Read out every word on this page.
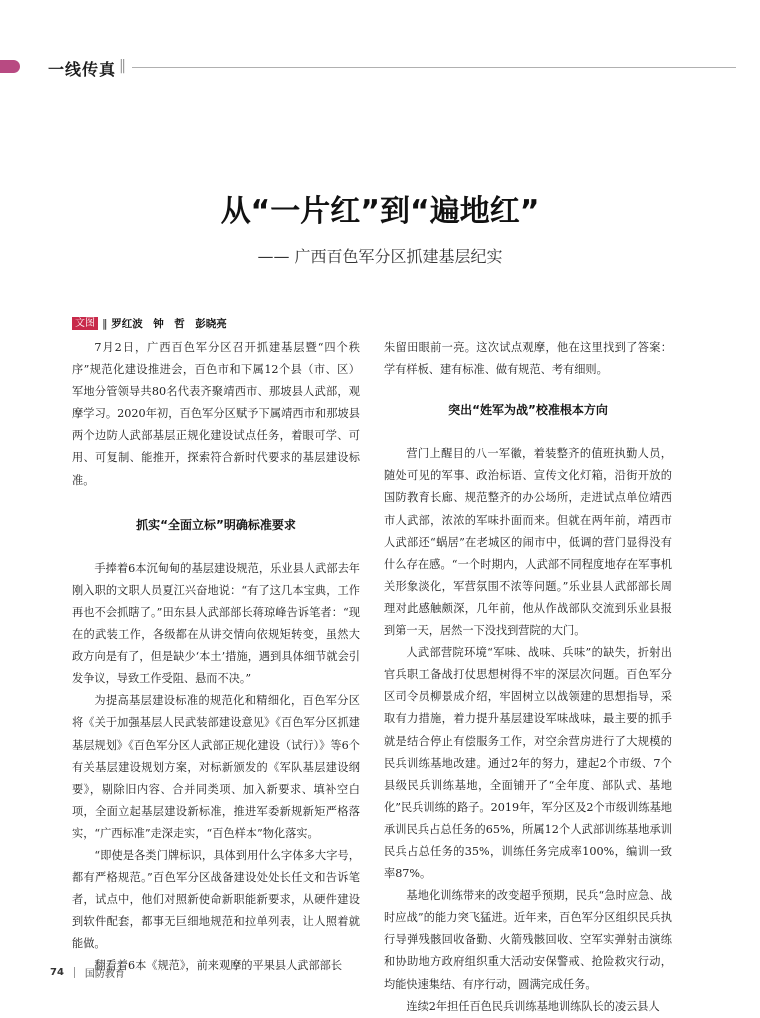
一线传真 ‖
从“一片红”到“遍地红”
—— 广西百色军分区抓建基层纪实
文图 ‖ 罗红波　钟　哲　彭晓亮

7月2日，广西百色军分区召开抓建基层暨“四个秩序”规范化建设推进会，百色市和下属12个县（市、区）军地分管领导共80名代表齐聚靖西市、那坡县人武部，观摩学习。2020年初，百色军分区赋予下属靖西市和那坡县两个边防人武部基层正规化建设试点任务，着眼可学、可用、可复制、能推开，探索符合新时代要求的基层建设标准。

抓实“全面立标”明确标准要求

手捧着6本沉甸甸的基层建设规范，乐业县人武部去年刚入职的文职人员夏江兴奋地说：“有了这几本宝典，工作再也不会抓瞎了。”田东县人武部部长蒋琼峰告诉笔者：“现在的武装工作，各级都在从讲交情向依规矩转变，虽然大政方向是有了，但是缺少‘本土’措施，遇到具体细节就会引发争议，导致工作受阻、悬而不决。”

为提高基层建设标准的规范化和精细化，百色军分区将《关于加强基层人民武装部建设意见》《百色军分区抓建基层规划》《百色军分区人武部正规化建设（试行）》等6个有关基层建设规划方案，对标新颁发的《军队基层建设纲要》，剔除旧内容、合并同类项、加入新要求、填补空白项，全面立起基层建设新标准，推进军委新规新矩严格落实，“广西标准”走深走实，“百色样本”物化落实。

“即使是各类门牌标识，具体到用什么字体多大字号，都有严格规范。”百色军分区战备建设处处长任文和告诉笔者，试点中，他们对照新使命新职能新要求，从硬件建设到软件配套，都事无巨细地规范和拉单列表，让人照着就能做。

翻看着6本《规范》，前来观摩的平果县人武部部长

朱留田眼前一亮。这次试点观摩，他在这里找到了答案：学有样板、建有标准、做有规范、考有细则。

突出“姓军为战”校准根本方向

营门上醒目的八一军徽，着装整齐的值班执勤人员，随处可见的军事、政治标语、宣传文化灯箱，沿街开放的国防教育长廊、规范整齐的办公场所，走进试点单位靖西市人武部，浓浓的军味扑面而来。但就在两年前，靖西市人武部还“蜗居”在老城区的闹市中，低调的营门显得没有什么存在感。“一个时期内，人武部不同程度地存在军事机关形象淡化，军营氛围不浓等问题。”乐业县人武部部长周理对此感触颇深，几年前，他从作战部队交流到乐业县报到第一天，居然一下没找到营院的大门。

人武部营院环境“军味、战味、兵味”的缺失，折射出官兵职工备战打仗思想树得不牢的深层次问题。百色军分区司令员柳景成介绍，牢固树立以战领建的思想指导，采取有力措施，着力提升基层建设军味战味，最主要的抓手就是结合停止有偿服务工作，对空余营房进行了大规模的民兵训练基地改建。通过2年的努力，建起2个市级、7个县级民兵训练基地，全面铺开了“全年度、部队式、基地化”民兵训练的路子。2019年，军分区及2个市级训练基地承训民兵占总任务的65%，所属12个人武部训练基地承训民兵占总任务的35%，训练任务完成率100%，编训一致率87%。

基地化训练带来的改变超乎预期，民兵“急时应急、战时应战”的能力突飞猛进。近年来，百色军分区组织民兵执行导弹残骸回收备勤、火箭残骸回收、空军实弹射击演练和协助地方政府组织重大活动安保警戒、抢险救灾行动，均能快速集结、有序行动，圆满完成任务。

连续2年担任百色民兵训练基地训练队长的凌云县人

74 国防教育
